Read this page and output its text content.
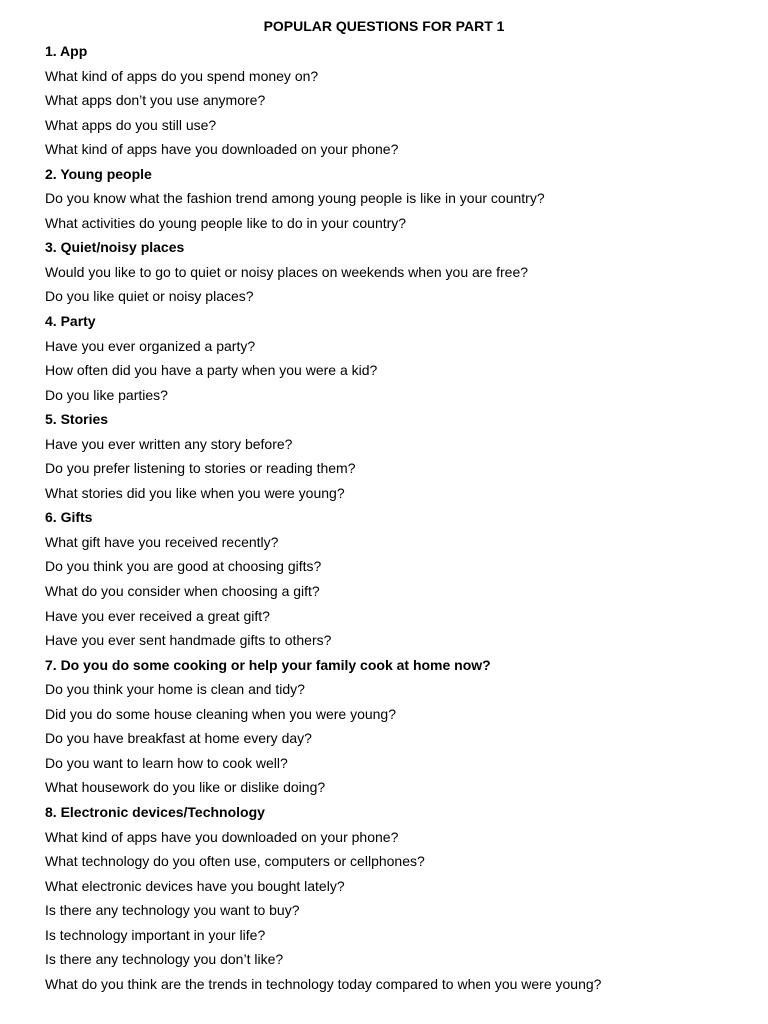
POPULAR QUESTIONS FOR PART 1
1. App
What kind of apps do you spend money on?
What apps don’t you use anymore?
What apps do you still use?
What kind of apps have you downloaded on your phone?
2. Young people
Do you know what the fashion trend among young people is like in your country?
What activities do young people like to do in your country?
3. Quiet/noisy places
Would you like to go to quiet or noisy places on weekends when you are free?
Do you like quiet or noisy places?
4. Party
Have you ever organized a party?
How often did you have a party when you were a kid?
Do you like parties?
5. Stories
Have you ever written any story before?
Do you prefer listening to stories or reading them?
What stories did you like when you were young?
6. Gifts
What gift have you received recently?
Do you think you are good at choosing gifts?
What do you consider when choosing a gift?
Have you ever received a great gift?
Have you ever sent handmade gifts to others?
7. Do you do some cooking or help your family cook at home now?
Do you think your home is clean and tidy?
Did you do some house cleaning when you were young?
Do you have breakfast at home every day?
Do you want to learn how to cook well?
What housework do you like or dislike doing?
8. Electronic devices/Technology
What kind of apps have you downloaded on your phone?
What technology do you often use, computers or cellphones?
What electronic devices have you bought lately?
Is there any technology you want to buy?
Is technology important in your life?
Is there any technology you don’t like?
What do you think are the trends in technology today compared to when you were young?
